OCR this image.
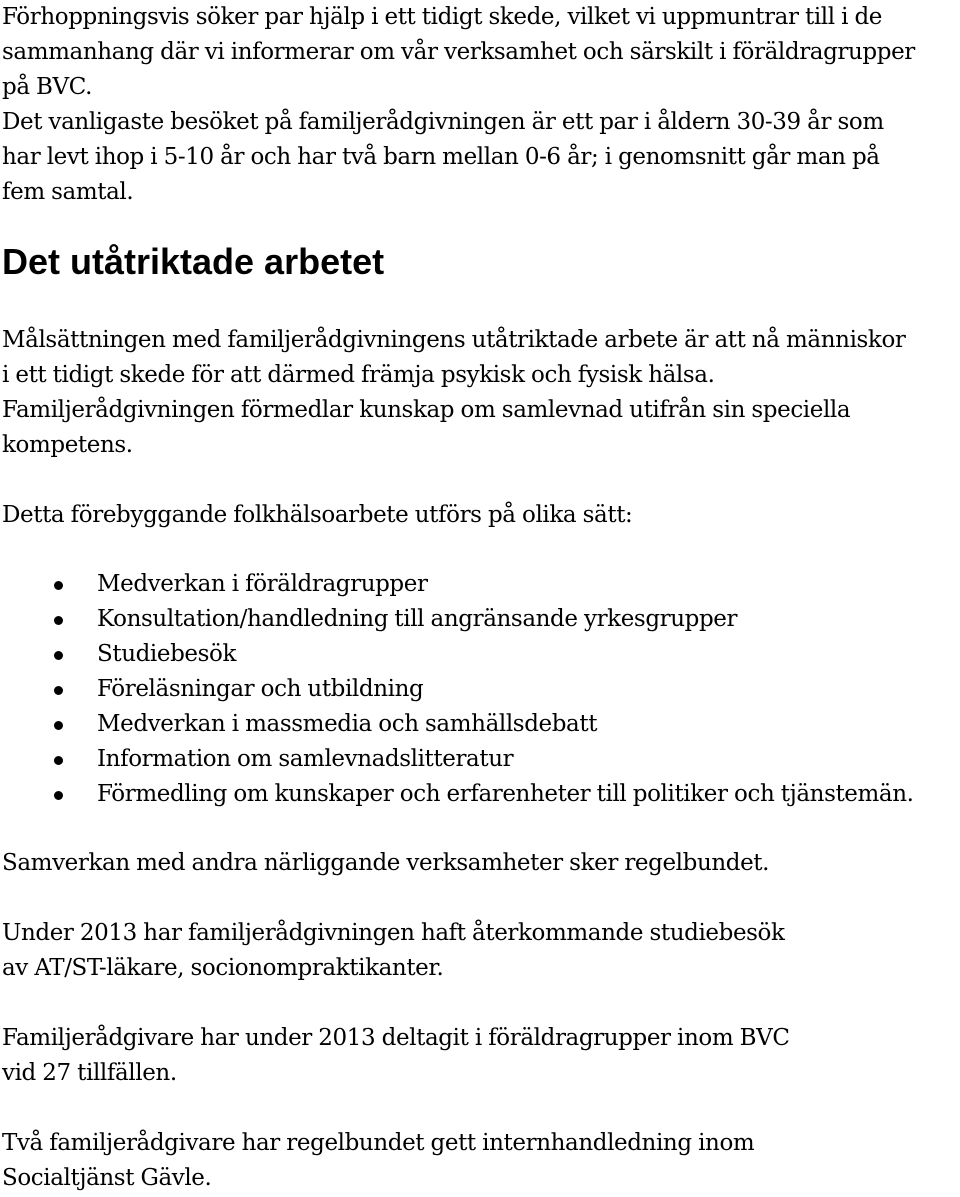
Förhoppningsvis söker par hjälp i ett tidigt skede, vilket vi uppmuntrar till i de
sammanhang där vi informerar om vår verksamhet och särskilt i föräldragrupper
på BVC.
Det vanligaste besöket på familjerådgivningen är ett par i åldern 30-39 år som
har levt ihop i 5-10 år och har två barn mellan 0-6 år; i genomsnitt går man på
fem samtal.

Det utåtriktade arbetet

Målsättningen med familjerådgivningens utåtriktade arbete är att nå människor
i ett tidigt skede för att därmed främja psykisk och fysisk hälsa.
Familjerådgivningen förmedlar kunskap om samlevnad utifrån sin speciella
kompetens.

Detta förebyggande folkhälsoarbete utförs på olika sätt:

Medverkan i föräldragrupper
Konsultation/handledning till angränsande yrkesgrupper
Studiebesök
Föreläsningar och utbildning
Medverkan i massmedia och samhällsdebatt
Information om samlevnadslitteratur
Förmedling om kunskaper och erfarenheter till politiker och tjänstemän.

Samverkan med andra närliggande verksamheter sker regelbundet.

Under 2013 har familjerådgivningen haft återkommande studiebesök
av AT/ST-läkare, socionompraktikanter.

Familjerådgivare har under 2013 deltagit i föräldragrupper inom BVC
vid 27 tillfällen.

Två familjerådgivare har regelbundet gett internhandledning inom
Socialtjänst Gävle.
